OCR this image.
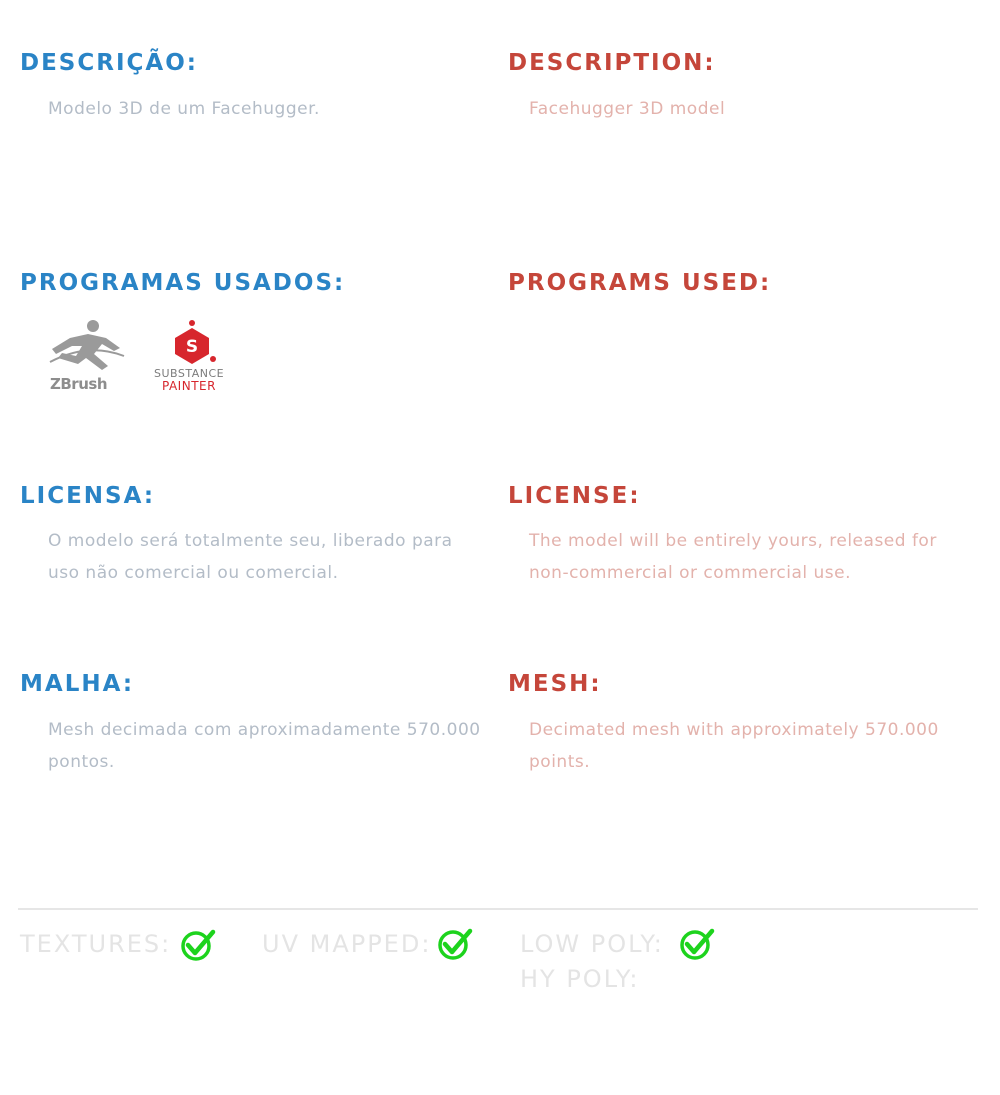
DESCRIÇÃO:

Modelo 3D de um Facehugger.

DESCRIPTION:

Facehugger 3D model

PROGRAMAS USADOS:	PROGRAMS USED:
ZBrush
S
SUBSTANCE
PAINTER
LICENSA:

O modelo será totalmente seu, liberado para uso não comercial ou comercial.

LICENSE:

The model will be entirely yours, released for non-commercial or commercial use.

MALHA:

Mesh decimada com aproximadamente 570.000 pontos.

MESH:

Decimated mesh with approximately 570.000 points.

TEXTURES:	UV MAPPED:	LOW POLY:
HY POLY:
